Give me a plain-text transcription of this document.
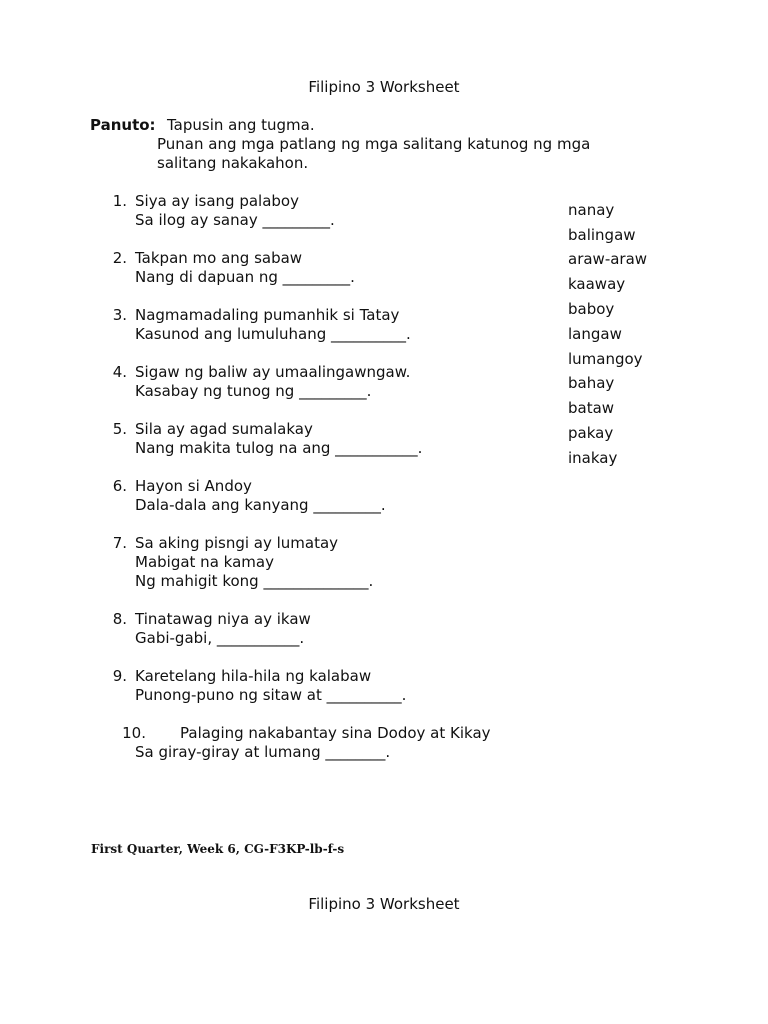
Filipino 3 Worksheet
Panuto: Tapusin ang tugma.
Punan ang mga patlang ng mga salitang katunog ng mga
salitang nakakahon.
1. Siya ay isang palaboy
Sa ilog ay sanay _________.
2. Takpan mo ang sabaw
Nang di dapuan ng _________.
3. Nagmamadaling pumanhik si Tatay
Kasunod ang lumuluhang __________.
4. Sigaw ng baliw ay umaalingawngaw.
Kasabay ng tunog ng _________.
5. Sila ay agad sumalakay
Nang makita tulog na ang ___________.
6. Hayon si Andoy
Dala-dala ang kanyang _________.
7. Sa aking pisngi ay lumatay
Mabigat na kamay
Ng mahigit kong ______________.
8. Tinatawag niya ay ikaw
Gabi-gabi, ___________.
9. Karetelang hila-hila ng kalabaw
Punong-puno ng sitaw at __________.
10. Palaging nakabantay sina Dodoy at Kikay
Sa giray-giray at lumang ________.
nanay
balingaw
araw-araw
kaaway
baboy
langaw
lumangoy
bahay
bataw
pakay
inakay
First Quarter, Week 6, CG-F3KP-lb-f-s
Filipino 3 Worksheet
